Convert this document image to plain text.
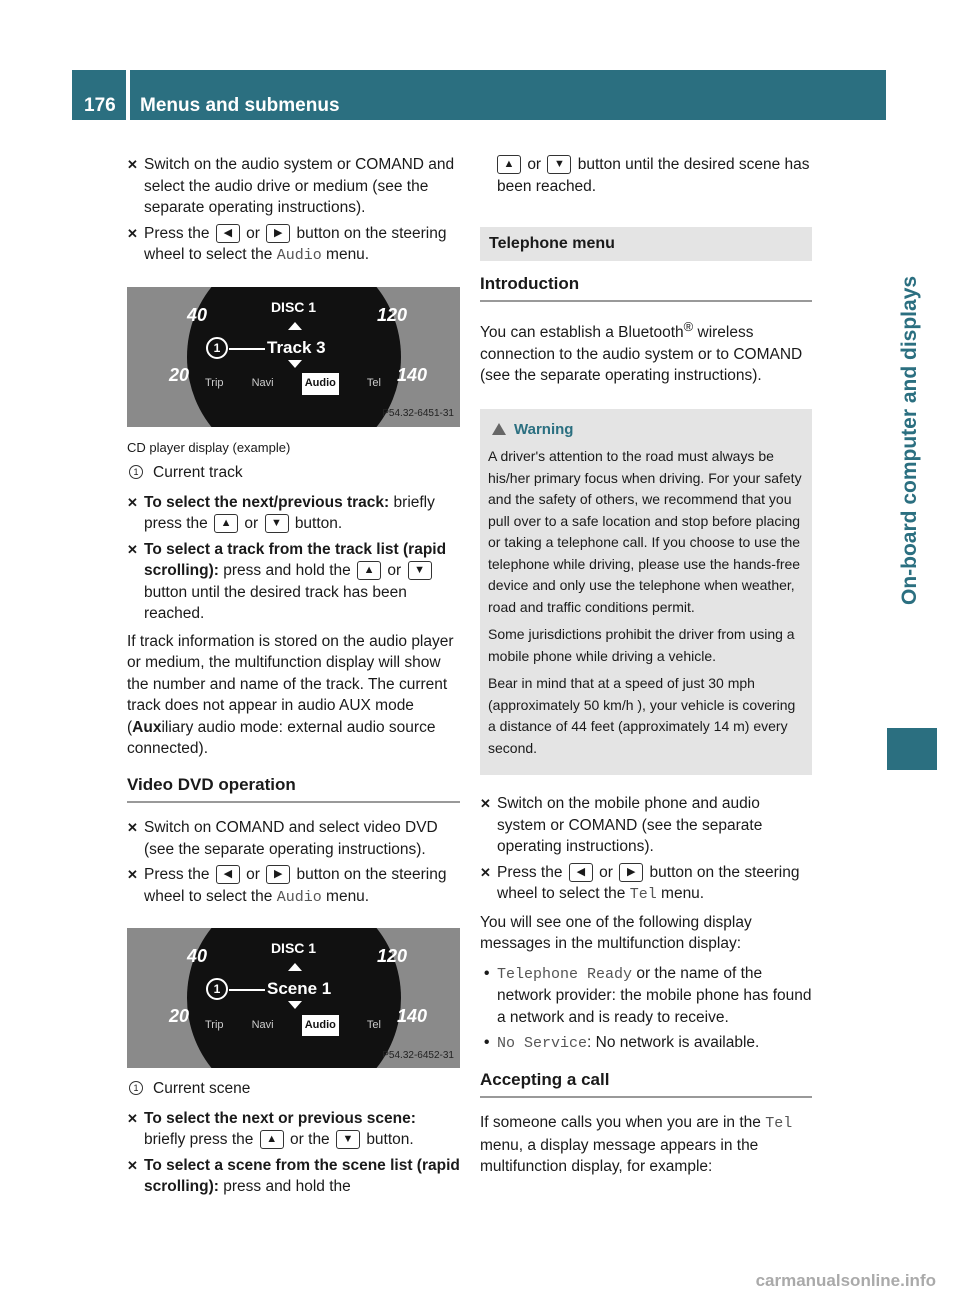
176	Menus and submenus
On-board computer and displays
✕ Switch on the audio system or COMAND and select the audio drive or medium (see the separate operating instructions).
✕ Press the ◀ or ▶ button on the steering wheel to select the Audio menu.
40	120
20	140
DISC 1
1	Track 3
Trip	Navi	Audio	Tel
P54.32-6451-31
CD player display (example)
1 Current track
✕ To select the next/previous track: briefly press the ▲ or ▼ button.
✕ To select a track from the track list (rapid scrolling): press and hold the ▲ or ▼ button until the desired track has been reached.

If track information is stored on the audio player or medium, the multifunction display will show the number and name of the track. The current track does not appear in audio AUX mode (Auxiliary audio mode: external audio source connected).

Video DVD operation
✕ Switch on COMAND and select video DVD (see the separate operating instructions).
✕ Press the ◀ or ▶ button on the steering wheel to select the Audio menu.
40	120
20	140
DISC 1
1	Scene 1
Trip	Navi	Audio	Tel
P54.32-6452-31
1 Current scene
✕ To select the next or previous scene: briefly press the ▲ or the ▼ button.
✕ To select a scene from the scene list (rapid scrolling): press and hold the
▲ or ▼ button until the desired scene has been reached.
Telephone menu
Introduction

You can establish a Bluetooth® wireless connection to the audio system or to COMAND (see the separate operating instructions).

Warning

A driver's attention to the road must always be his/her primary focus when driving. For your safety and the safety of others, we recommend that you pull over to a safe location and stop before placing or taking a telephone call. If you choose to use the telephone while driving, please use the hands-free device and only use the telephone when weather, road and traffic conditions permit.

Some jurisdictions prohibit the driver from using a mobile phone while driving a vehicle.

Bear in mind that at a speed of just 30 mph (approximately 50 km/h ), your vehicle is covering a distance of 44 feet (approximately 14 m) every second.

✕ Switch on the mobile phone and audio system or COMAND (see the separate operating instructions).
✕ Press the ◀ or ▶ button on the steering wheel to select the Tel menu.

You will see one of the following display messages in the multifunction display:

• Telephone Ready or the name of the network provider: the mobile phone has found a network and is ready to receive.
• No Service: No network is available.
Accepting a call

If someone calls you when you are in the Tel menu, a display message appears in the multifunction display, for example:

carmanualsonline.info
